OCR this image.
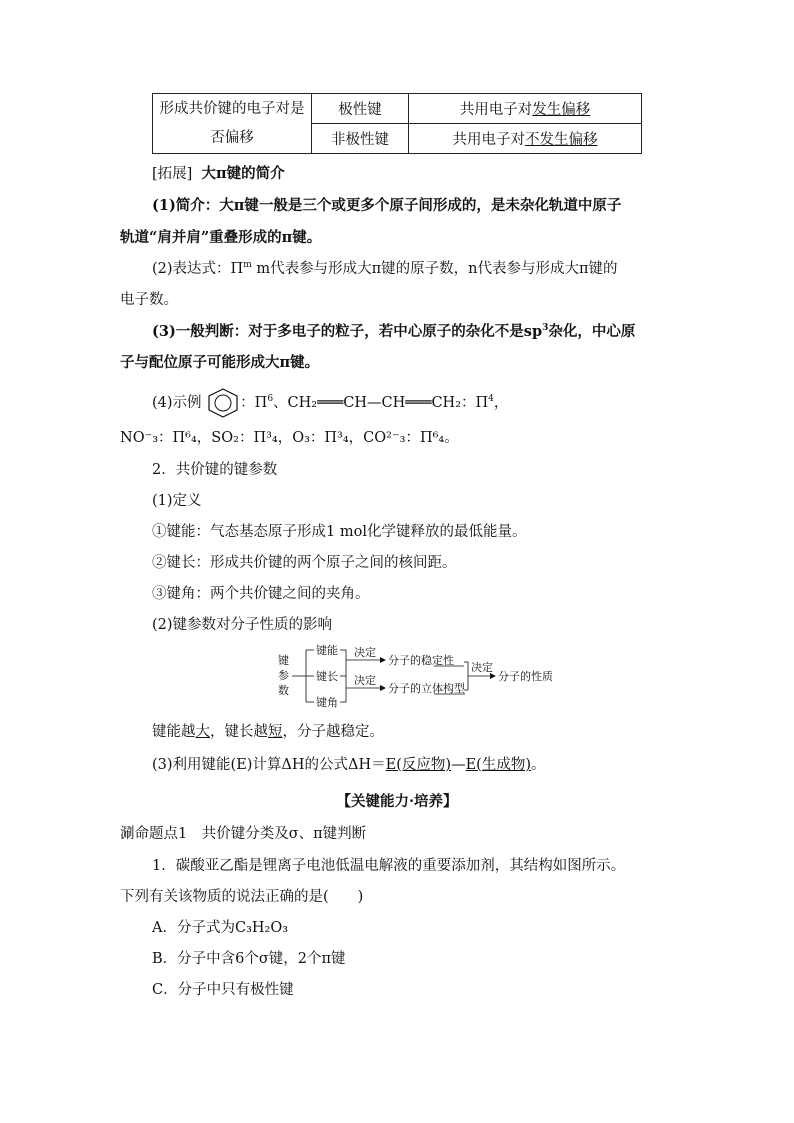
形成共价键的电子对是否偏移	极性键	共用电子对发生偏移
	非极性键	共用电子对不发生偏移
[拓展] 大π键的简介
(1)简介：大π键一般是三个或更多个原子间形成的，是未杂化轨道中原子
轨道“肩并肩”重叠形成的π键。
(2)表达式：$\Pi^m$ m代表参与形成大π键的原子数，n代表参与形成大π键的
电子数。
(3)一般判断：对于多电子的粒子，若中心原子的杂化不是$sp^3$杂化，中心原
子与配位原子可能形成大π键。
(4)示例	：$\Pi^6$、CH₂═══CH—CH═══CH₂：$\Pi^4$，
NO⁻₃：Π⁶₄，SO₂：Π³₄，O₃：Π³₄，CO²⁻₃：Π⁶₄。
2．共价键的键参数
(1)定义
①键能：气态基态原子形成1 mol化学键释放的最低能量。
②键长：形成共价键的两个原子之间的核间距。
③键角：两个共价键之间的夹角。
(2)键参数对分子性质的影响
键
参
数
键能
键长
键角
决定
决定
分子的稳定性
分子的立体构型
决定
分子的性质
键能越大，键长越短，分子越稳定。
(3)利用键能(E)计算ΔH的公式ΔH＝E(反应物)—E(生成物)。
【关键能力·培养】
涮命题点1　共价键分类及σ、π键判断
1．碳酸亚乙酯是锂离子电池低温电解液的重要添加剂，其结构如图所示。
下列有关该物质的说法正确的是(　　)
A．分子式为C₃H₂O₃
B．分子中含6个σ键，2个π键
C．分子中只有极性键
